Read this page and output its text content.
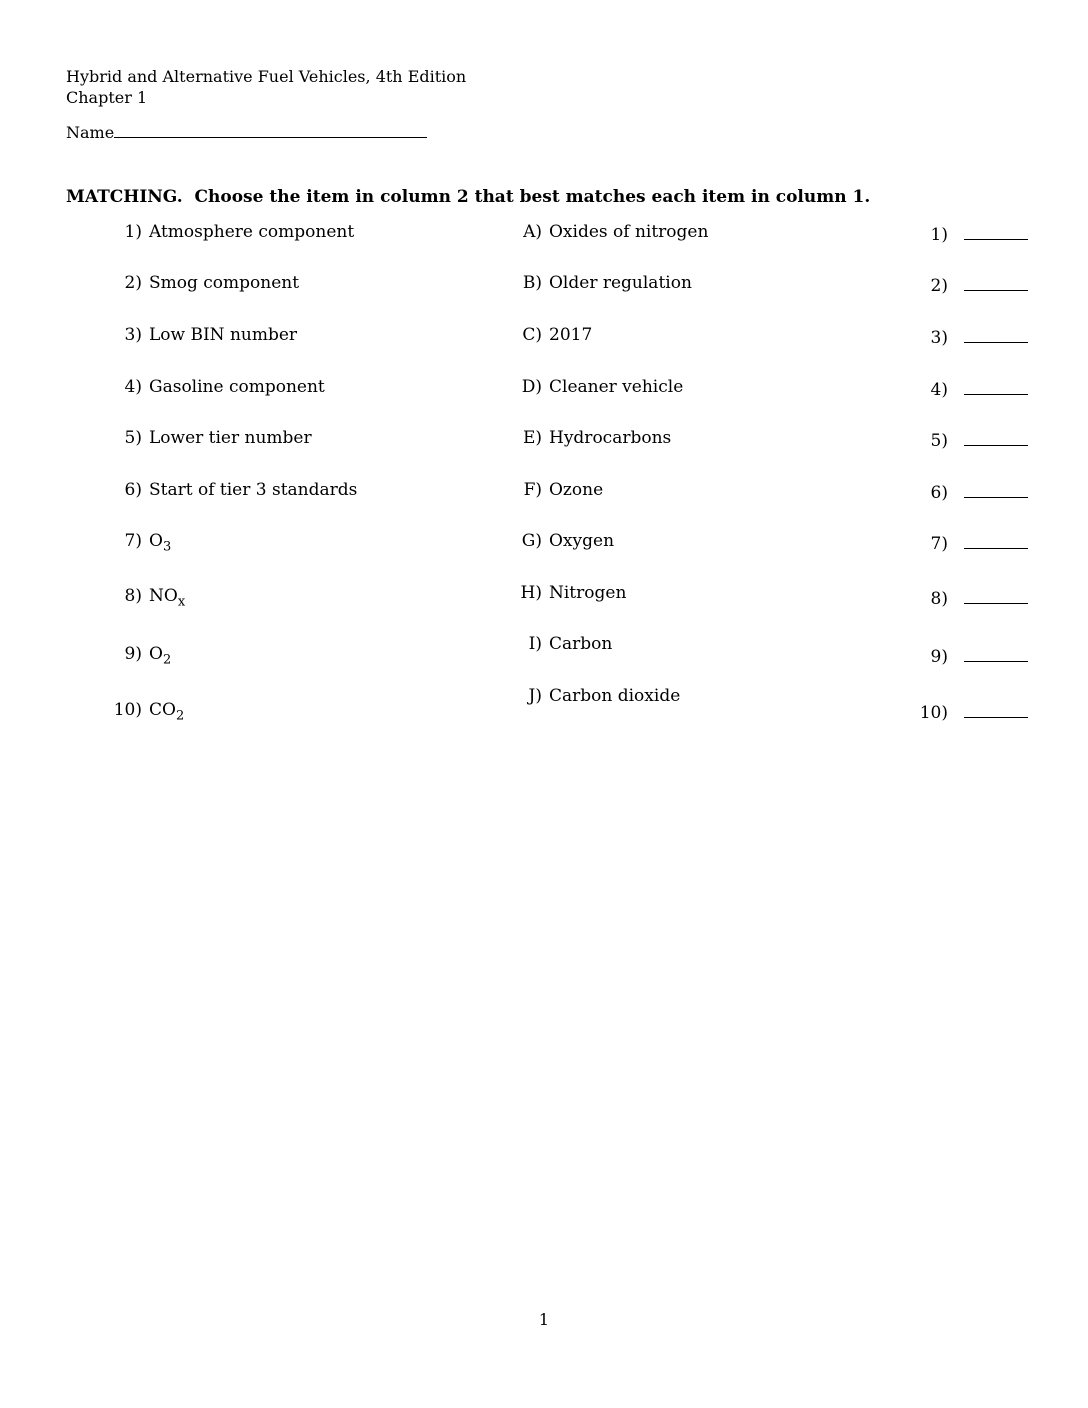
Hybrid and Alternative Fuel Vehicles, 4th Edition
Chapter 1
Name
MATCHING.  Choose the item in column 2 that best matches each item in column 1.
1) Atmosphere component
2) Smog component
3) Low BIN number
4) Gasoline component
5) Lower tier number
6) Start of tier 3 standards
7) $O_3$
8) $NO_x$
9) $O_2$
10) $CO_2$
A) Oxides of nitrogen
B) Older regulation
C) 2017
D) Cleaner vehicle
E) Hydrocarbons
F) Ozone
G) Oxygen
H) Nitrogen
I) Carbon
J) Carbon dioxide
1)
2)
3)
4)
5)
6)
7)
8)
9)
10)
1
